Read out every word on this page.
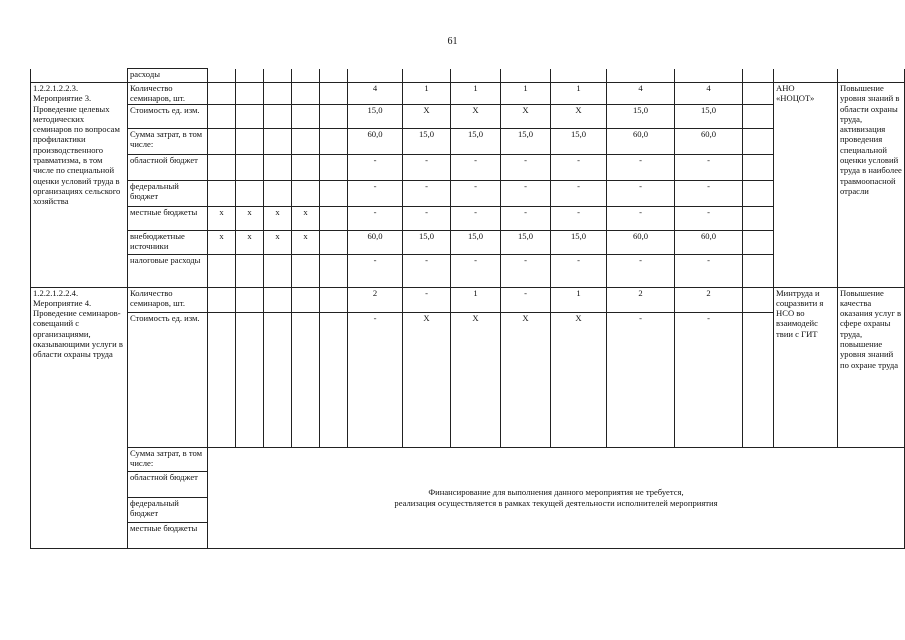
61
	расходы															
1.2.2.1.2.2.3.
Мероприятие 3.
Проведение целевых методических семинаров по вопросам профилактики производственного травматизма, в том числе по специальной оценки условий труда в организациях сельского хозяйства	Количество семинаров, шт.						4	1	1	1	1	4	4		АНО «НОЦОТ»	Повышение уровня знаний в области охраны труда, активизация проведения специальной оценки условий труда в наиболее травмоопасной отрасли
	Стоимость ед. изм.						15,0	Х	Х	Х	Х	15,0	15,0			
	Сумма затрат, в том числе:						60,0	15,0	15,0	15,0	15,0	60,0	60,0			
	областной бюджет						-	-	-	-	-	-	-			
	федеральный бюджет						-	-	-	-	-	-	-			
	местные бюджеты	х	х	х	х		-	-	-	-	-	-	-			
	внебюджетные источники	х	х	х	х		60,0	15,0	15,0	15,0	15,0	60,0	60,0			
	налоговые расходы						-	-	-	-	-	-	-			
1.2.2.1.2.2.4.
Мероприятие 4.
Проведение семинаров-совещаний с организациями, оказывающими услуги в области охраны труда	Количество семинаров, шт.						2	-	1	-	1	2	2		Минтруда и соцразвити я НСО во взаимодейс твии с ГИТ	Повышение качества оказания услуг в сфере охраны труда, повышение уровня знаний по охране труда
	Стоимость ед. изм.						-	Х	Х	Х	Х	-	-			
	Сумма затрат, в том числе:	Финансирование для выполнения данного мероприятия не требуется,
реализация осуществляется в рамках текущей деятельности исполнителей мероприятия														

	областной бюджет															
	федеральный бюджет															
	местные бюджеты															
